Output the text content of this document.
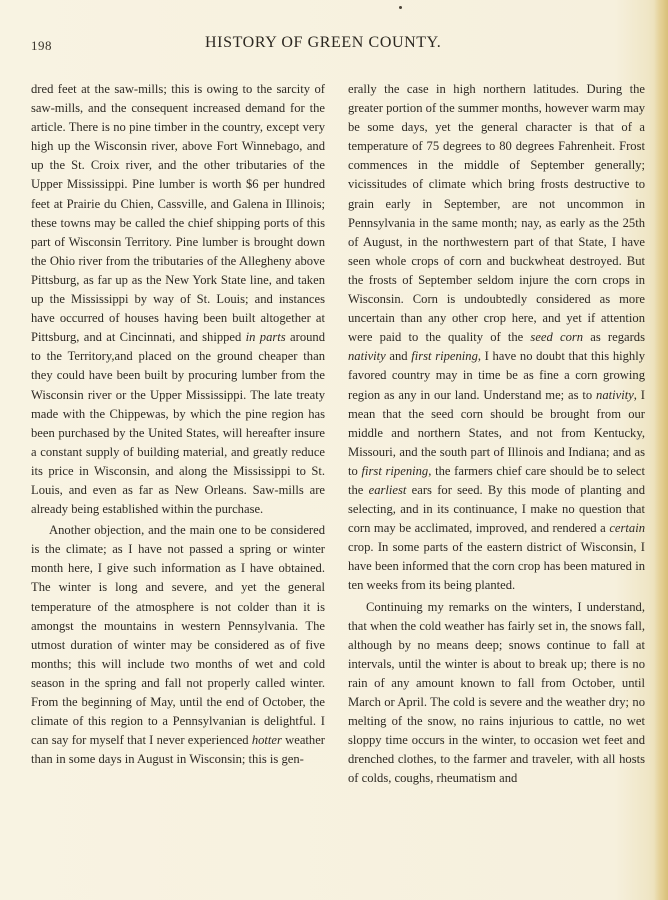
198	HISTORY OF GREEN COUNTY.

dred feet at the saw-mills; this is owing to the sarcity of saw-mills, and the consequent increased demand for the article. There is no pine timber in the country, except very high up the Wisconsin river, above Fort Winnebago, and up the St. Croix river, and the other tributaries of the Upper Mississippi. Pine lumber is worth $6 per hundred feet at Prairie du Chien, Cassville, and Galena in Illinois; these towns may be called the chief shipping ports of this part of Wisconsin Territory. Pine lumber is brought down the Ohio river from the tributaries of the Allegheny above Pittsburg, as far up as the New York State line, and taken up the Mississippi by way of St. Louis; and instances have occurred of houses having been built altogether at Pittsburg, and at Cincinnati, and shipped in parts around to the Territory,and placed on the ground cheaper than they could have been built by procuring lumber from the Wisconsin river or the Upper Mississippi. The late treaty made with the Chippewas, by which the pine region has been purchased by the United States, will hereafter insure a constant supply of building material, and greatly reduce its price in Wisconsin, and along the Mississippi to St. Louis, and even as far as New Orleans. Saw-mills are already being established within the purchase.

Another objection, and the main one to be considered is the climate; as I have not passed a spring or winter month here, I give such information as I have obtained. The winter is long and severe, and yet the general temperature of the atmosphere is not colder than it is amongst the mountains in western Pennsylvania. The utmost duration of winter may be considered as of five months; this will include two months of wet and cold season in the spring and fall not properly called winter. From the beginning of May, until the end of October, the climate of this region to a Pennsylvanian is delightful. I can say for myself that I never experienced hotter weather than in some days in August in Wisconsin; this is gen-

erally the case in high northern latitudes. During the greater portion of the summer months, however warm may be some days, yet the general character is that of a temperature of 75 degrees to 80 degrees Fahrenheit. Frost commences in the middle of September generally; vicissitudes of climate which bring frosts destructive to grain early in September, are not uncommon in Pennsylvania in the same month; nay, as early as the 25th of August, in the northwestern part of that State, I have seen whole crops of corn and buckwheat destroyed. But the frosts of September seldom injure the corn crops in Wisconsin. Corn is undoubtedly considered as more uncertain than any other crop here, and yet if attention were paid to the quality of the seed corn as regards nativity and first ripening, I have no doubt that this highly favored country may in time be as fine a corn growing region as any in our land. Understand me; as to nativity, I mean that the seed corn should be brought from our middle and northern States, and not from Kentucky, Missouri, and the south part of Illinois and Indiana; and as to first ripening, the farmers chief care should be to select the earliest ears for seed. By this mode of planting and selecting, and in its continuance, I make no question that corn may be acclimated, improved, and rendered a certain crop. In some parts of the eastern district of Wisconsin, I have been informed that the corn crop has been matured in ten weeks from its being planted.

Continuing my remarks on the winters, I understand, that when the cold weather has fairly set in, the snows fall, although by no means deep; snows continue to fall at intervals, until the winter is about to break up; there is no rain of any amount known to fall from October, until March or April. The cold is severe and the weather dry; no melting of the snow, no rains injurious to cattle, no wet sloppy time occurs in the winter, to occasion wet feet and drenched clothes, to the farmer and traveler, with all hosts of colds, coughs, rheumatism and
